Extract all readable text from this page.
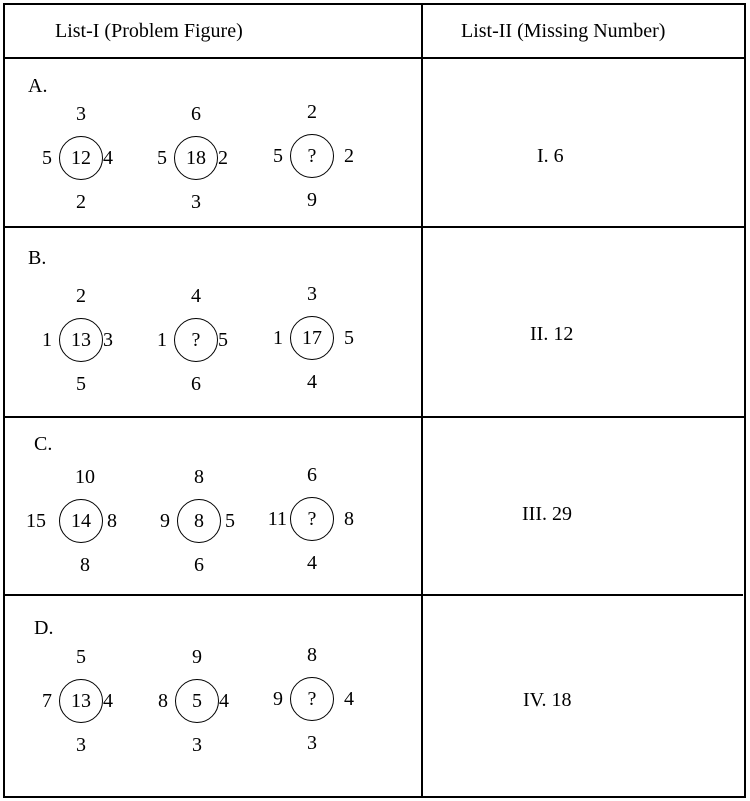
List-I (Problem Figure)	List-II (Missing Number)
A.
3
5 12 4
2
6
5 18 2
3
2
5	?	2
9
I. 6
B.
2
1 13 3
5
4
1	? 5
6
3
1 17	5
4
II. 12
C.
10
15	14 8
8
8
9	8	5
6
6
11	?	8
4
III. 29
D.
5
7 13 4
3
9
8	5 4
3
8
9	?	4
3
IV. 18
